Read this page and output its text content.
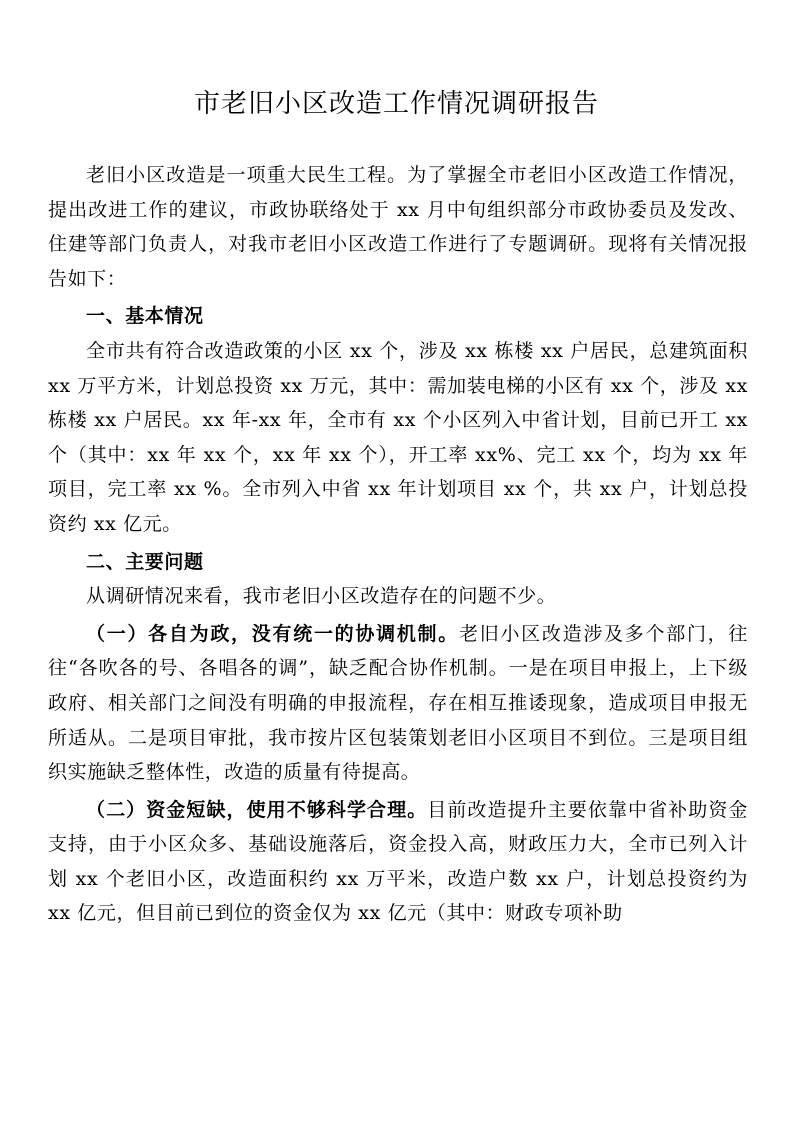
市老旧小区改造工作情况调研报告

老旧小区改造是一项重大民生工程。为了掌握全市老旧小区改造工作情况，提出改进工作的建议，市政协联络处于 xx 月中旬组织部分市政协委员及发改、住建等部门负责人，对我市老旧小区改造工作进行了专题调研。现将有关情况报告如下：

一、基本情况

全市共有符合改造政策的小区 xx 个，涉及 xx 栋楼 xx 户居民，总建筑面积 xx 万平方米，计划总投资 xx 万元，其中：需加装电梯的小区有 xx 个，涉及 xx 栋楼 xx 户居民。xx 年-xx 年，全市有 xx 个小区列入中省计划，目前已开工 xx 个（其中：xx 年 xx 个，xx 年 xx 个），开工率 xx%、完工 xx 个，均为 xx 年项目，完工率 xx %。全市列入中省 xx 年计划项目 xx 个，共 xx 户，计划总投资约 xx 亿元。

二、主要问题

从调研情况来看，我市老旧小区改造存在的问题不少。

（一）各自为政，没有统一的协调机制。老旧小区改造涉及多个部门，往往“各吹各的号、各唱各的调”，缺乏配合协作机制。一是在项目申报上，上下级政府、相关部门之间没有明确的申报流程，存在相互推诿现象，造成项目申报无所适从。二是项目审批，我市按片区包装策划老旧小区项目不到位。三是项目组织实施缺乏整体性，改造的质量有待提高。

（二）资金短缺，使用不够科学合理。目前改造提升主要依靠中省补助资金支持，由于小区众多、基础设施落后，资金投入高，财政压力大，全市已列入计划 xx 个老旧小区，改造面积约 xx 万平米，改造户数 xx 户，计划总投资约为 xx 亿元，但目前已到位的资金仅为 xx 亿元（其中：财政专项补助
